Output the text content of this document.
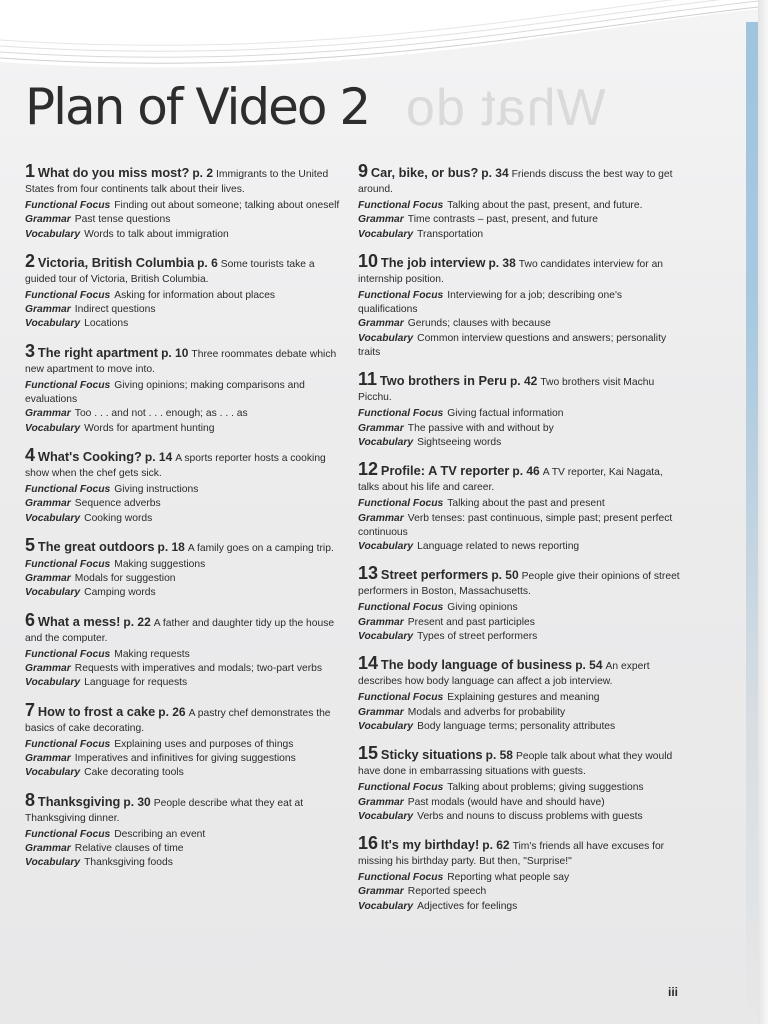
What do
Plan of Video 2
1 What do you miss most? p. 2 Immigrants to the United States from four continents talk about their lives.
Functional Focus Finding out about someone; talking about oneself
Grammar Past tense questions
Vocabulary Words to talk about immigration
2 Victoria, British Columbia p. 6 Some tourists take a guided tour of Victoria, British Columbia.
Functional Focus Asking for information about places
Grammar Indirect questions
Vocabulary Locations
3 The right apartment p. 10 Three roommates debate which new apartment to move into.
Functional Focus Giving opinions; making comparisons and evaluations
Grammar Too . . . and not . . . enough; as . . . as
Vocabulary Words for apartment hunting
4 What's Cooking? p. 14 A sports reporter hosts a cooking show when the chef gets sick.
Functional Focus Giving instructions
Grammar Sequence adverbs
Vocabulary Cooking words
5 The great outdoors p. 18 A family goes on a camping trip.
Functional Focus Making suggestions
Grammar Modals for suggestion
Vocabulary Camping words
6 What a mess! p. 22 A father and daughter tidy up the house and the computer.
Functional Focus Making requests
Grammar Requests with imperatives and modals; two-part verbs
Vocabulary Language for requests
7 How to frost a cake p. 26 A pastry chef demonstrates the basics of cake decorating.
Functional Focus Explaining uses and purposes of things
Grammar Imperatives and infinitives for giving suggestions
Vocabulary Cake decorating tools
8 Thanksgiving p. 30 People describe what they eat at Thanksgiving dinner.
Functional Focus Describing an event
Grammar Relative clauses of time
Vocabulary Thanksgiving foods
9 Car, bike, or bus? p. 34 Friends discuss the best way to get around.
Functional Focus Talking about the past, present, and future.
Grammar Time contrasts – past, present, and future
Vocabulary Transportation
10 The job interview p. 38 Two candidates interview for an internship position.
Functional Focus Interviewing for a job; describing one's qualifications
Grammar Gerunds; clauses with because
Vocabulary Common interview questions and answers; personality traits
11 Two brothers in Peru p. 42 Two brothers visit Machu Picchu.
Functional Focus Giving factual information
Grammar The passive with and without by
Vocabulary Sightseeing words
12 Profile: A TV reporter p. 46 A TV reporter, Kai Nagata, talks about his life and career.
Functional Focus Talking about the past and present
Grammar Verb tenses: past continuous, simple past; present perfect continuous
Vocabulary Language related to news reporting
13 Street performers p. 50 People give their opinions of street performers in Boston, Massachusetts.
Functional Focus Giving opinions
Grammar Present and past participles
Vocabulary Types of street performers
14 The body language of business p. 54 An expert describes how body language can affect a job interview.
Functional Focus Explaining gestures and meaning
Grammar Modals and adverbs for probability
Vocabulary Body language terms; personality attributes
15 Sticky situations p. 58 People talk about what they would have done in embarrassing situations with guests.
Functional Focus Talking about problems; giving suggestions
Grammar Past modals (would have and should have)
Vocabulary Verbs and nouns to discuss problems with guests
16 It's my birthday! p. 62 Tim's friends all have excuses for missing his birthday party. But then, "Surprise!"
Functional Focus Reporting what people say
Grammar Reported speech
Vocabulary Adjectives for feelings
iii
